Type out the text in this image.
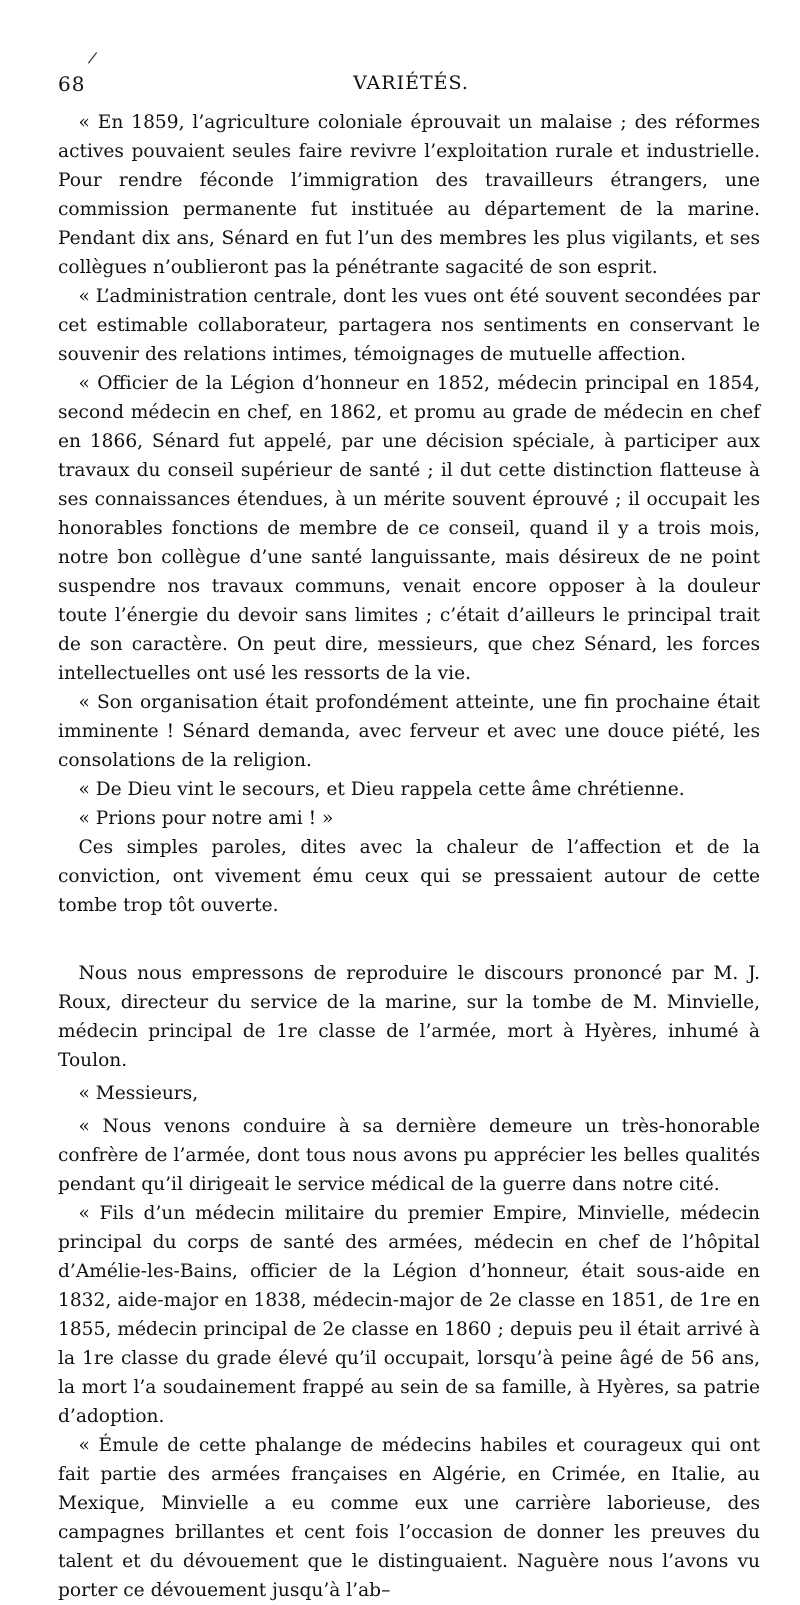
/
68	VARIÉTÉS.

« En 1859, l’agriculture coloniale éprouvait un malaise ; des réformes actives pouvaient seules faire revivre l’exploitation rurale et industrielle. Pour rendre féconde l’immigration des travailleurs étrangers, une commission permanente fut instituée au département de la marine. Pendant dix ans, Sénard en fut l’un des membres les plus vigilants, et ses collègues n’oublieront pas la pénétrante sagacité de son esprit.

« L’administration centrale, dont les vues ont été souvent secondées par cet estimable collaborateur, partagera nos sentiments en conservant le souvenir des relations intimes, témoignages de mutuelle affection.

« Officier de la Légion d’honneur en 1852, médecin principal en 1854, second médecin en chef, en 1862, et promu au grade de médecin en chef en 1866, Sénard fut appelé, par une décision spéciale, à participer aux travaux du conseil supérieur de santé ; il dut cette distinction flatteuse à ses connaissances étendues, à un mérite souvent éprouvé ; il occupait les honorables fonctions de membre de ce conseil, quand il y a trois mois, notre bon collègue d’une santé languissante, mais désireux de ne point suspendre nos travaux communs, venait encore opposer à la douleur toute l’énergie du devoir sans limites ; c’était d’ailleurs le principal trait de son caractère. On peut dire, messieurs, que chez Sénard, les forces intellectuelles ont usé les ressorts de la vie.

« Son organisation était profondément atteinte, une fin prochaine était imminente ! Sénard demanda, avec ferveur et avec une douce piété, les consolations de la religion.

« De Dieu vint le secours, et Dieu rappela cette âme chrétienne.

« Prions pour notre ami ! »

Ces simples paroles, dites avec la chaleur de l’affection et de la conviction, ont vivement ému ceux qui se pressaient autour de cette tombe trop tôt ouverte.

Nous nous empressons de reproduire le discours prononcé par M. J. Roux, directeur du service de la marine, sur la tombe de M. Minvielle, médecin principal de 1re classe de l’armée, mort à Hyères, inhumé à Toulon.

« Messieurs,

« Nous venons conduire à sa dernière demeure un très-honorable confrère de l’armée, dont tous nous avons pu apprécier les belles qualités pendant qu’il dirigeait le service médical de la guerre dans notre cité.

« Fils d’un médecin militaire du premier Empire, Minvielle, médecin principal du corps de santé des armées, médecin en chef de l’hôpital d’Amélie-les-Bains, officier de la Légion d’honneur, était sous-aide en 1832, aide-major en 1838, médecin-major de 2e classe en 1851, de 1re en 1855, médecin principal de 2e classe en 1860 ; depuis peu il était arrivé à la 1re classe du grade élevé qu’il occupait, lorsqu’à peine âgé de 56 ans, la mort l’a soudainement frappé au sein de sa famille, à Hyères, sa patrie d’adoption.

« Émule de cette phalange de médecins habiles et courageux qui ont fait partie des armées françaises en Algérie, en Crimée, en Italie, au Mexique, Minvielle a eu comme eux une carrière laborieuse, des campagnes brillantes et cent fois l’occasion de donner les preuves du talent et du dévouement que le distinguaient. Naguère nous l’avons vu porter ce dévouement jusqu’à l’ab–
